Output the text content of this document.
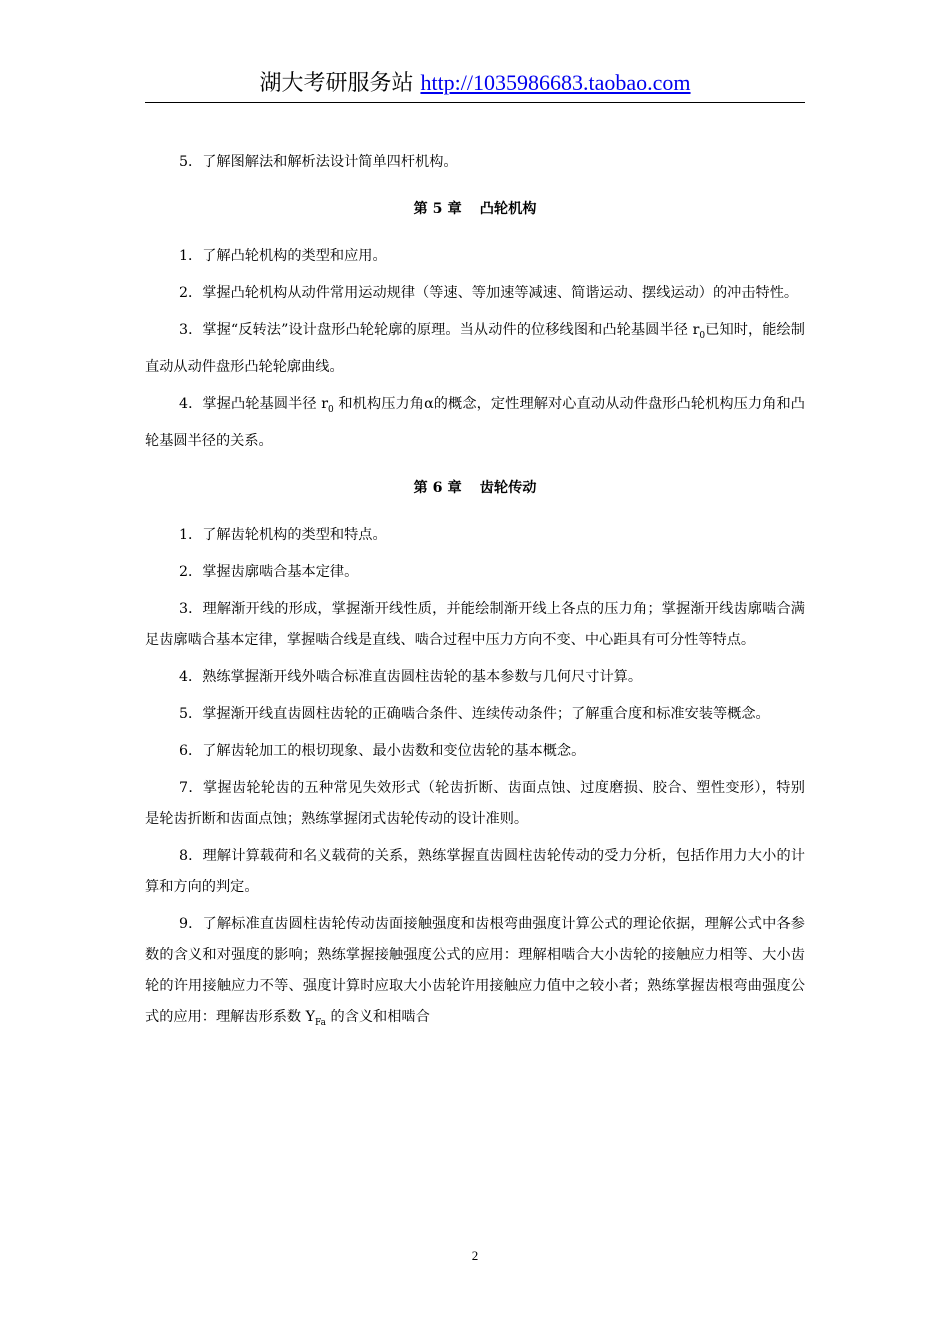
湖大考研服务站 http://1035986683.taobao.com

5．了解图解法和解析法设计简单四杆机构。

第 5 章 凸轮机构

1．了解凸轮机构的类型和应用。

2．掌握凸轮机构从动件常用运动规律（等速、等加速等减速、简谐运动、摆线运动）的冲击特性。

3．掌握“反转法”设计盘形凸轮轮廓的原理。当从动件的位移线图和凸轮基圆半径 $r_0$已知时，能绘制直动从动件盘形凸轮轮廓曲线。

4．掌握凸轮基圆半径 $r_0$ 和机构压力角α的概念，定性理解对心直动从动件盘形凸轮机构压力角和凸轮基圆半径的关系。

第 6 章 齿轮传动

1．了解齿轮机构的类型和特点。

2．掌握齿廓啮合基本定律。

3．理解渐开线的形成，掌握渐开线性质，并能绘制渐开线上各点的压力角；掌握渐开线齿廓啮合满足齿廓啮合基本定律，掌握啮合线是直线、啮合过程中压力方向不变、中心距具有可分性等特点。

4．熟练掌握渐开线外啮合标准直齿圆柱齿轮的基本参数与几何尺寸计算。

5．掌握渐开线直齿圆柱齿轮的正确啮合条件、连续传动条件；了解重合度和标准安装等概念。

6．了解齿轮加工的根切现象、最小齿数和变位齿轮的基本概念。

7．掌握齿轮轮齿的五种常见失效形式（轮齿折断、齿面点蚀、过度磨损、胶合、塑性变形），特别是轮齿折断和齿面点蚀；熟练掌握闭式齿轮传动的设计准则。

8．理解计算载荷和名义载荷的关系，熟练掌握直齿圆柱齿轮传动的受力分析，包括作用力大小的计算和方向的判定。

9．了解标准直齿圆柱齿轮传动齿面接触强度和齿根弯曲强度计算公式的理论依据，理解公式中各参数的含义和对强度的影响；熟练掌握接触强度公式的应用：理解相啮合大小齿轮的接触应力相等、大小齿轮的许用接触应力不等、强度计算时应取大小齿轮许用接触应力值中之较小者；熟练掌握齿根弯曲强度公式的应用：理解齿形系数 $Y_{Fa}$ 的含义和相啮合

2
